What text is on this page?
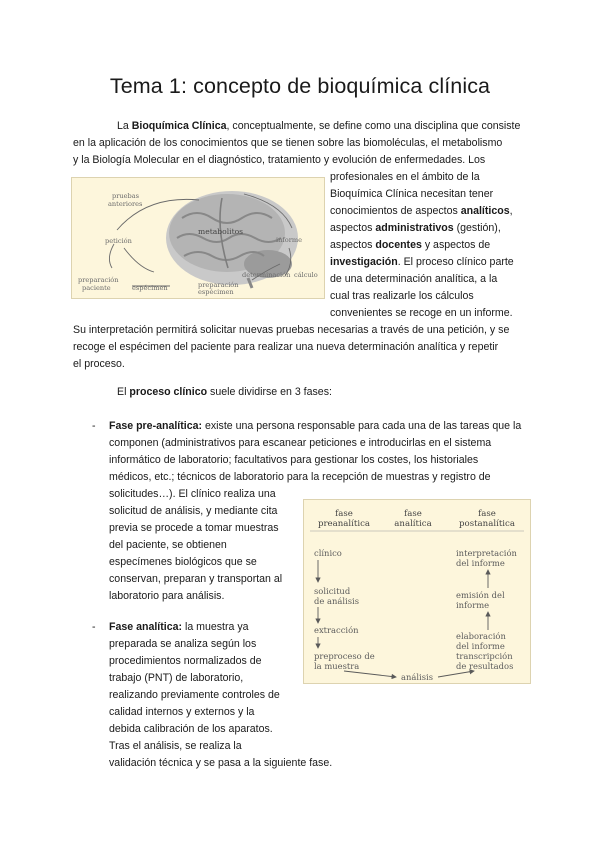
Tema 1: concepto de bioquímica clínica

La Bioquímica Clínica, conceptualmente, se define como una disciplina que consiste

en la aplicación de los conocimientos que se tienen sobre las biomoléculas, el metabolismo

y la Biología Molecular en el diagnóstico, tratamiento y evolución de enfermedades. Los

pruebas
anteriores
metabolitos
petición	informe
preparación
paciente	espécimen
determinación cálculo
preparación
espécimen

profesionales en el ámbito de la

Bioquímica Clínica necesitan tener

conocimientos de aspectos analíticos,

aspectos administrativos (gestión),

aspectos docentes y aspectos de

investigación. El proceso clínico parte

de una determinación analítica, a la

cual tras realizarle los cálculos

convenientes se recoge en un informe.

Su interpretación permitirá solicitar nuevas pruebas necesarias a través de una petición, y se

recoge el espécimen del paciente para realizar una nueva determinación analítica y repetir

el proceso.

El proceso clínico suele dividirse en 3 fases:

- Fase pre-analítica: existe una persona responsable para cada una de las tareas que la

componen (administrativos para escanear peticiones e introducirlas en el sistema

informático de laboratorio; facultativos para gestionar los costes, los historiales

médicos, etc.; técnicos de laboratorio para la recepción de muestras y registro de

solicitudes…). El clínico realiza una

solicitud de análisis, y mediante cita

previa se procede a tomar muestras

del paciente, se obtienen

especímenes biológicos que se

conservan, preparan y transportan al

laboratorio para análisis.

- Fase analítica: la muestra ya

preparada se analiza según los

procedimientos normalizados de

trabajo (PNT) de laboratorio,

realizando previamente controles de

calidad internos y externos y la

debida calibración de los aparatos.

Tras el análisis, se realiza la

validación técnica y se pasa a la siguiente fase.

fase
preanalítica
fase
analítica
fase
postanalítica
clínico
solicitud
de análisis
extracción
preproceso de
la muestra
interpretación
del informe
emisión del
informe
elaboración
del informe
transcripción
de resultados
análisis
